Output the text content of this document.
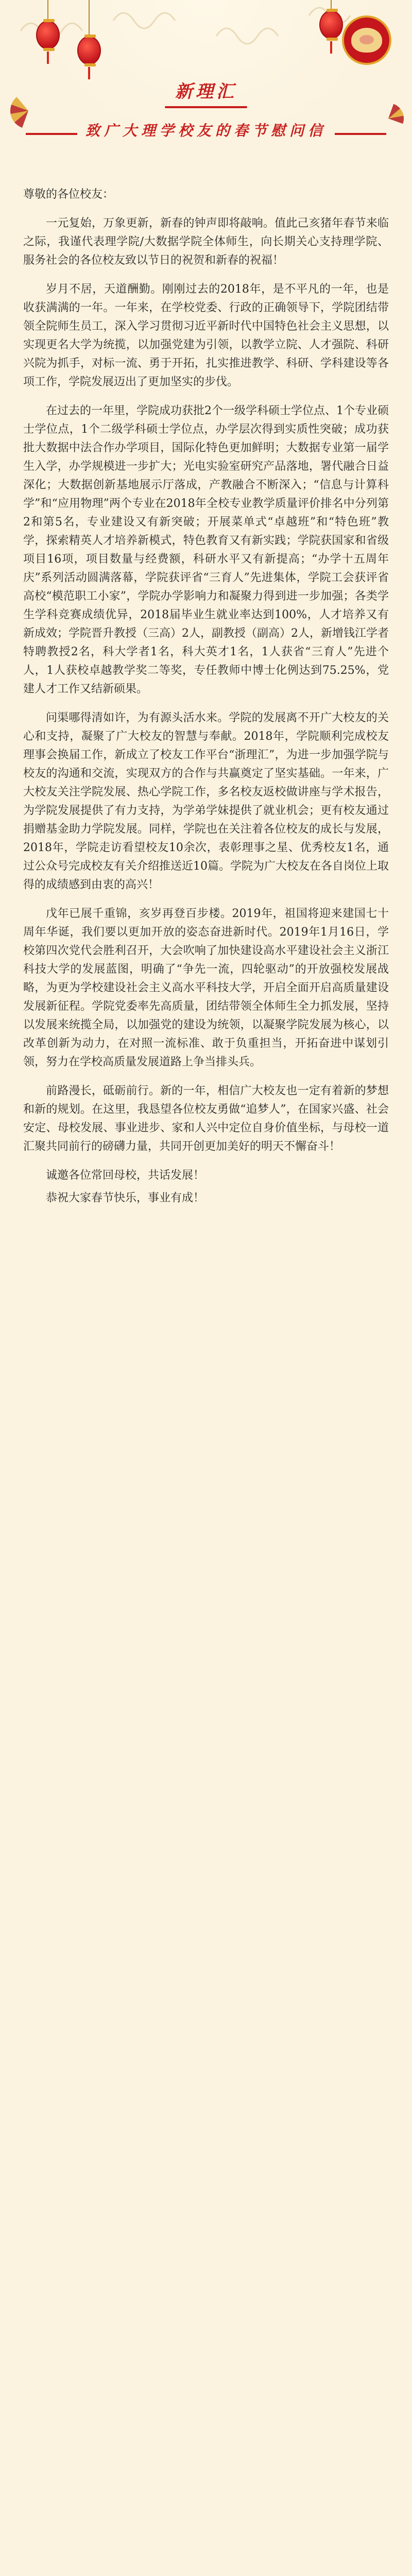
新理汇
致广大理学校友的春节慰问信

尊敬的各位校友：

一元复始，万象更新，新春的钟声即将敲响。值此己亥猪年春节来临之际，我谨代表理学院/大数据学院全体师生，向长期关心支持理学院、服务社会的各位校友致以节日的祝贺和新春的祝福！

岁月不居，天道酬勤。刚刚过去的2018年，是不平凡的一年，也是收获满满的一年。一年来，在学校党委、行政的正确领导下，学院团结带领全院师生员工，深入学习贯彻习近平新时代中国特色社会主义思想，以实现更名大学为统揽，以加强党建为引领，以教学立院、人才强院、科研兴院为抓手，对标一流、勇于开拓，扎实推进教学、科研、学科建设等各项工作，学院发展迈出了更加坚实的步伐。

在过去的一年里，学院成功获批2个一级学科硕士学位点、1个专业硕士学位点，1个二级学科硕士学位点，办学层次得到实质性突破；成功获批大数据中法合作办学项目，国际化特色更加鲜明；大数据专业第一届学生入学，办学规模进一步扩大；光电实验室研究产品落地，署代融合日益深化；大数据创新基地展示厅落成，产教融合不断深入；“信息与计算科学”和“应用物理”两个专业在2018年全校专业教学质量评价排名中分列第2和第5名，专业建设又有新突破；开展菜单式“卓越班”和“特色班”教学，探索精英人才培养新模式，特色教育又有新实践；学院获国家和省级项目16项，项目数量与经费额，科研水平又有新提高；“办学十五周年庆”系列活动圆满落幕，学院获评省“三育人”先进集体，学院工会获评省高校“模范职工小家”，学院办学影响力和凝聚力得到进一步加强；各类学生学科竞赛成绩优异，2018届毕业生就业率达到100%，人才培养又有新成效；学院晋升教授（三高）2人，副教授（副高）2人，新增钱江学者特聘教授2名，科大学者1名，科大英才1名，1人获省“三育人”先进个人，1人获校卓越教学奖二等奖，专任教师中博士化例达到75.25%，党建人才工作又结新硕果。

问渠哪得清如许，为有源头活水来。学院的发展离不开广大校友的关心和支持，凝聚了广大校友的智慧与奉献。2018年，学院顺利完成校友理事会换届工作，新成立了校友工作平台“浙理汇”，为进一步加强学院与校友的沟通和交流，实现双方的合作与共赢奠定了坚实基础。一年来，广大校友关注学院发展、热心学院工作，多名校友返校做讲座与学术报告，为学院发展提供了有力支持，为学弟学妹提供了就业机会；更有校友通过捐赠基金助力学院发展。同样，学院也在关注着各位校友的成长与发展，2018年，学院走访看望校友10余次，表彰理事之星、优秀校友1名，通过公众号完成校友有关介绍推送近10篇。学院为广大校友在各自岗位上取得的成绩感到由衷的高兴！

戊年已展千重锦，亥岁再登百步楼。2019年，祖国将迎来建国七十周年华诞，我们要以更加开放的姿态奋进新时代。2019年1月16日，学校第四次党代会胜利召开，大会吹响了加快建设高水平建设社会主义浙江科技大学的发展蓝图，明确了“争先一流，四轮驱动”的开放强校发展战略，为更为学校建设社会主义高水平科技大学，开启全面开启高质量建设发展新征程。学院党委率先高质量，团结带领全体师生全力抓发展，坚持以发展来统揽全局，以加强党的建设为统领，以凝聚学院发展为核心，以改革创新为动力，在对照一流标准、敢于负重担当，开拓奋进中谋划引领，努力在学校高质量发展道路上争当排头兵。

前路漫长，砥砺前行。新的一年，相信广大校友也一定有着新的梦想和新的规划。在这里，我恳望各位校友勇做“追梦人”，在国家兴盛、社会安定、母校发展、事业进步、家和人兴中定位自身价值坐标，与母校一道汇聚共同前行的磅礴力量，共同开创更加美好的明天不懈奋斗！

诚邀各位常回母校，共话发展！

恭祝大家春节快乐，事业有成！
